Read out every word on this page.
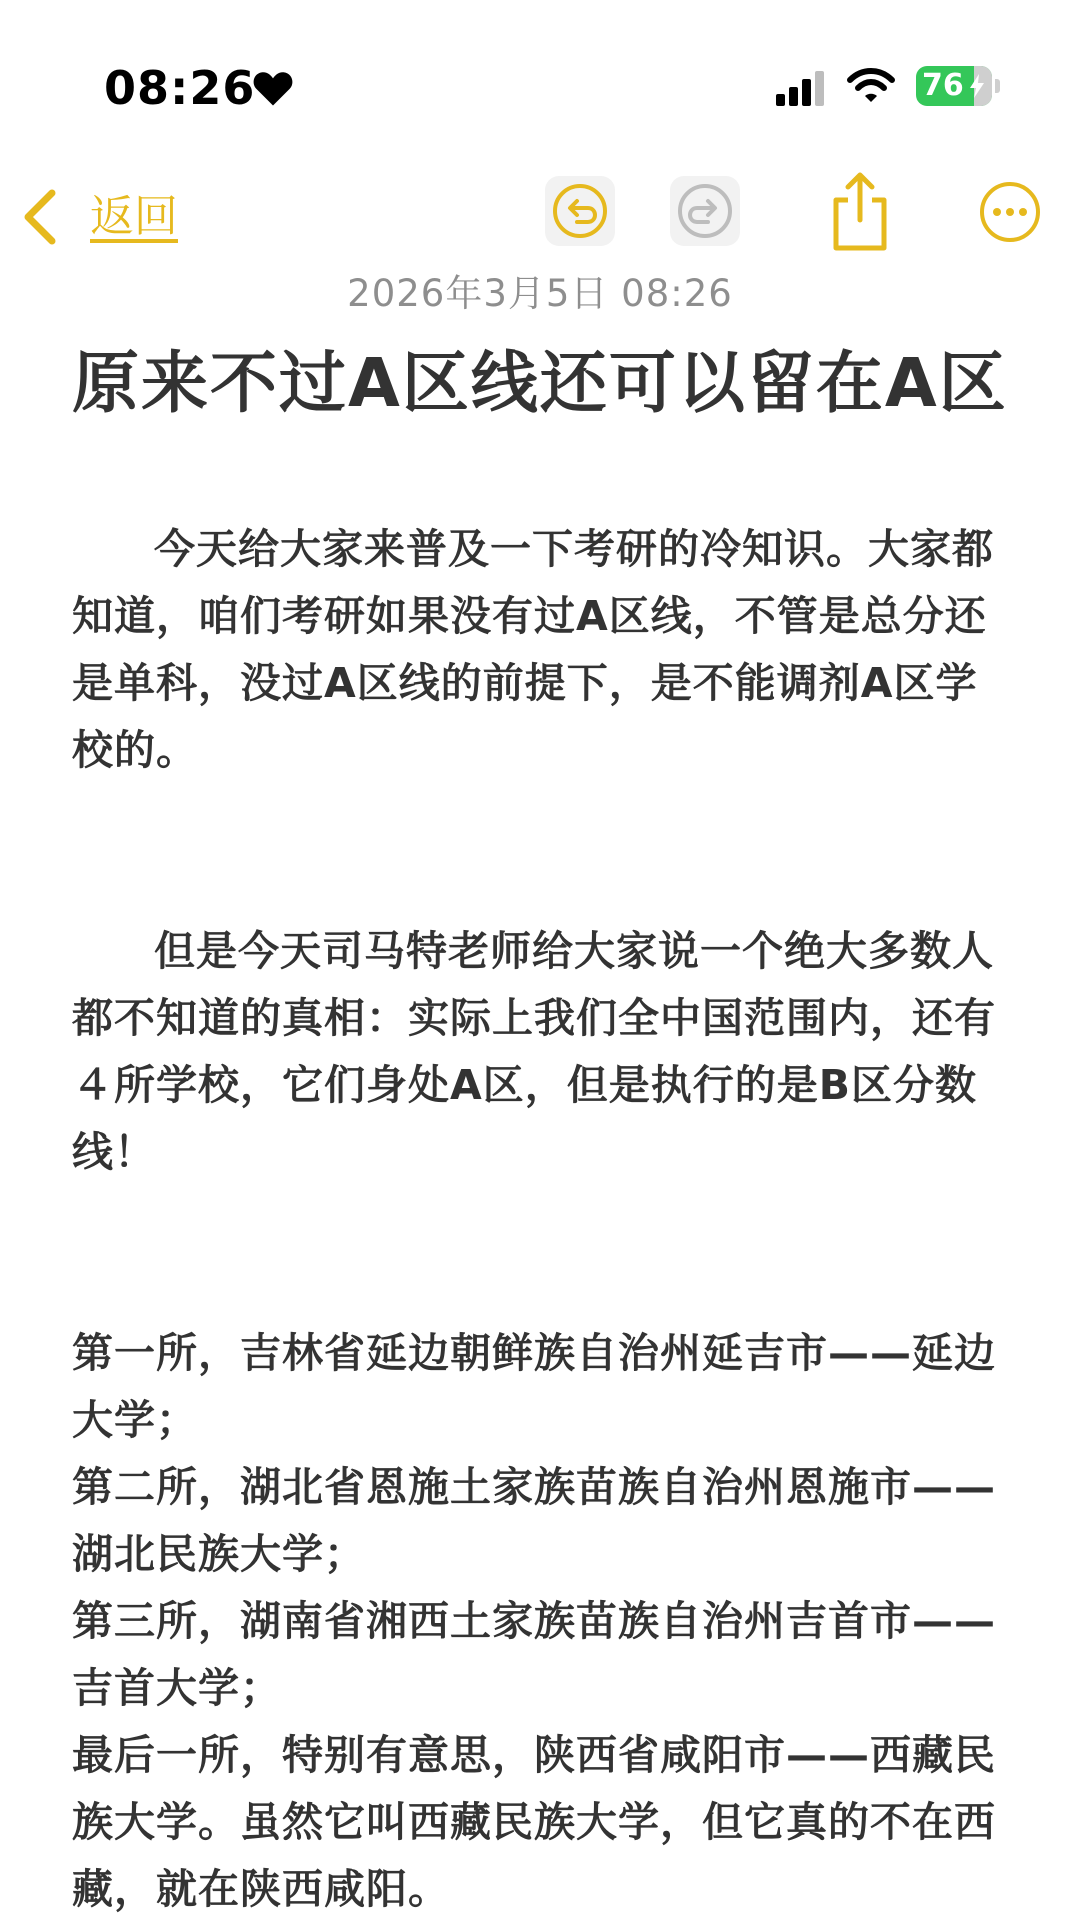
08:26	76
返回
2026年3月5日 08:26
原来不过A区线还可以留在A区

今天给大家来普及一下考研的冷知识。大家都知道，咱们考研如果没有过A区线，不管是总分还是单科，没过A区线的前提下，是不能调剂A区学校的。

但是今天司马特老师给大家说一个绝大多数人都不知道的真相：实际上我们全中国范围内，还有４所学校，它们身处A区，但是执行的是B区分数线！

第一所，吉林省延边朝鲜族自治州延吉市——延边大学；

第二所，湖北省恩施土家族苗族自治州恩施市——湖北民族大学；

第三所，湖南省湘西土家族苗族自治州吉首市——吉首大学；

最后一所，特别有意思，陕西省咸阳市——西藏民族大学。虽然它叫西藏民族大学，但它真的不在西藏，就在陕西咸阳。
